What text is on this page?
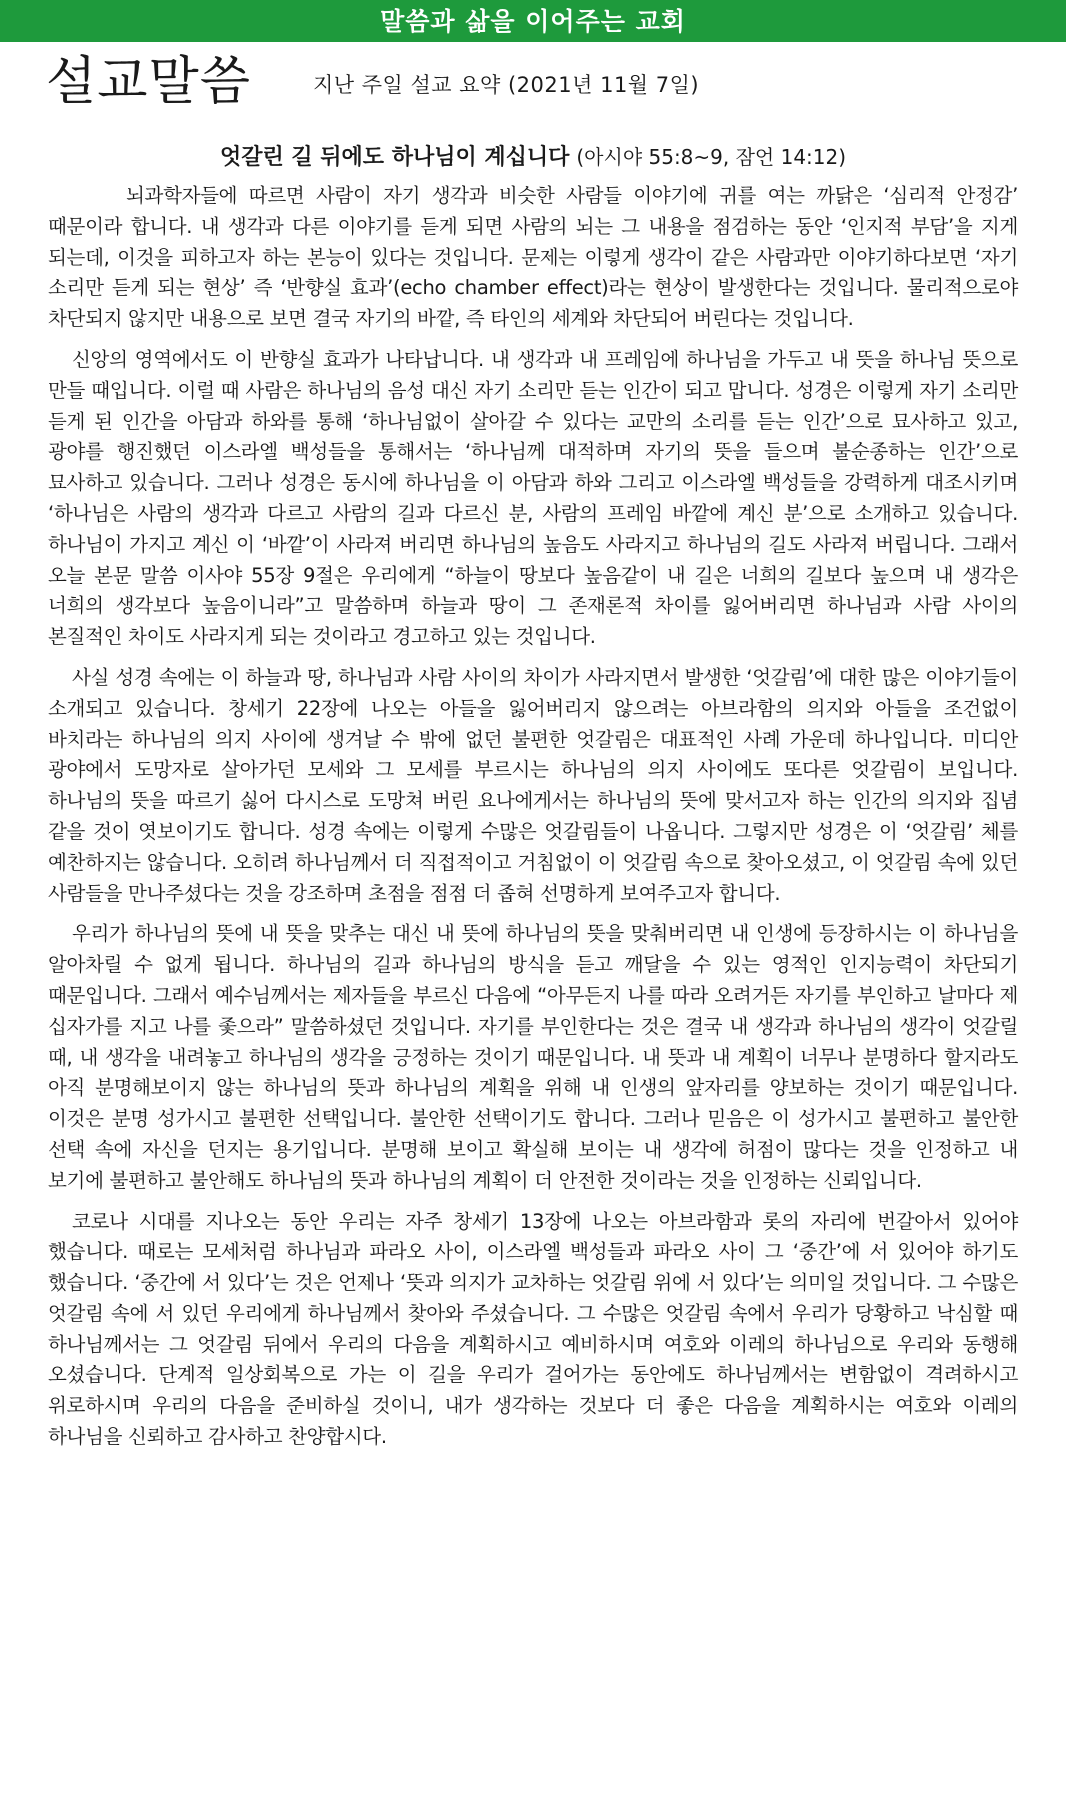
말씀과 삶을 이어주는 교회
설교말씀	지난 주일 설교 요약 (2021년 11월 7일)
엇갈린 길 뒤에도 하나님이 계십니다 (아시야 55:8~9, 잠언 14:12)

뇌과학자들에 따르면 사람이 자기 생각과 비슷한 사람들 이야기에 귀를 여는 까닭은 ‘심리적 안정감’ 때문이라 합니다. 내 생각과 다른 이야기를 듣게 되면 사람의 뇌는 그 내용을 점검하는 동안 ‘인지적 부담’을 지게 되는데, 이것을 피하고자 하는 본능이 있다는 것입니다. 문제는 이렇게 생각이 같은 사람과만 이야기하다보면 ‘자기 소리만 듣게 되는 현상’ 즉 ‘반향실 효과’(echo chamber effect)라는 현상이 발생한다는 것입니다. 물리적으로야 차단되지 않지만 내용으로 보면 결국 자기의 바깥, 즉 타인의 세계와 차단되어 버린다는 것입니다.

신앙의 영역에서도 이 반향실 효과가 나타납니다. 내 생각과 내 프레임에 하나님을 가두고 내 뜻을 하나님 뜻으로 만들 때입니다. 이럴 때 사람은 하나님의 음성 대신 자기 소리만 듣는 인간이 되고 맙니다. 성경은 이렇게 자기 소리만 듣게 된 인간을 아담과 하와를 통해 ‘하나님없이 살아갈 수 있다는 교만의 소리를 듣는 인간’으로 묘사하고 있고, 광야를 행진했던 이스라엘 백성들을 통해서는 ‘하나님께 대적하며 자기의 뜻을 들으며 불순종하는 인간’으로 묘사하고 있습니다. 그러나 성경은 동시에 하나님을 이 아담과 하와 그리고 이스라엘 백성들을 강력하게 대조시키며 ‘하나님은 사람의 생각과 다르고 사람의 길과 다르신 분, 사람의 프레임 바깥에 계신 분’으로 소개하고 있습니다. 하나님이 가지고 계신 이 ‘바깥’이 사라져 버리면 하나님의 높음도 사라지고 하나님의 길도 사라져 버립니다. 그래서 오늘 본문 말씀 이사야 55장 9절은 우리에게 “하늘이 땅보다 높음같이 내 길은 너희의 길보다 높으며 내 생각은 너희의 생각보다 높음이니라”고 말씀하며 하늘과 땅이 그 존재론적 차이를 잃어버리면 하나님과 사람 사이의 본질적인 차이도 사라지게 되는 것이라고 경고하고 있는 것입니다.

사실 성경 속에는 이 하늘과 땅, 하나님과 사람 사이의 차이가 사라지면서 발생한 ‘엇갈림’에 대한 많은 이야기들이 소개되고 있습니다. 창세기 22장에 나오는 아들을 잃어버리지 않으려는 아브라함의 의지와 아들을 조건없이 바치라는 하나님의 의지 사이에 생겨날 수 밖에 없던 불편한 엇갈림은 대표적인 사례 가운데 하나입니다. 미디안 광야에서 도망자로 살아가던 모세와 그 모세를 부르시는 하나님의 의지 사이에도 또다른 엇갈림이 보입니다. 하나님의 뜻을 따르기 싫어 다시스로 도망쳐 버린 요나에게서는 하나님의 뜻에 맞서고자 하는 인간의 의지와 집념 같을 것이 엿보이기도 합니다. 성경 속에는 이렇게 수많은 엇갈림들이 나옵니다. 그렇지만 성경은 이 ‘엇갈림’ 체를 예찬하지는 않습니다. 오히려 하나님께서 더 직접적이고 거침없이 이 엇갈림 속으로 찾아오셨고, 이 엇갈림 속에 있던 사람들을 만나주셨다는 것을 강조하며 초점을 점점 더 좁혀 선명하게 보여주고자 합니다.

우리가 하나님의 뜻에 내 뜻을 맞추는 대신 내 뜻에 하나님의 뜻을 맞춰버리면 내 인생에 등장하시는 이 하나님을 알아차릴 수 없게 됩니다. 하나님의 길과 하나님의 방식을 듣고 깨달을 수 있는 영적인 인지능력이 차단되기 때문입니다. 그래서 예수님께서는 제자들을 부르신 다음에 “아무든지 나를 따라 오려거든 자기를 부인하고 날마다 제 십자가를 지고 나를 좇으라” 말씀하셨던 것입니다. 자기를 부인한다는 것은 결국 내 생각과 하나님의 생각이 엇갈릴 때, 내 생각을 내려놓고 하나님의 생각을 긍정하는 것이기 때문입니다. 내 뜻과 내 계획이 너무나 분명하다 할지라도 아직 분명해보이지 않는 하나님의 뜻과 하나님의 계획을 위해 내 인생의 앞자리를 양보하는 것이기 때문입니다. 이것은 분명 성가시고 불편한 선택입니다. 불안한 선택이기도 합니다. 그러나 믿음은 이 성가시고 불편하고 불안한 선택 속에 자신을 던지는 용기입니다. 분명해 보이고 확실해 보이는 내 생각에 허점이 많다는 것을 인정하고 내 보기에 불편하고 불안해도 하나님의 뜻과 하나님의 계획이 더 안전한 것이라는 것을 인정하는 신뢰입니다.

코로나 시대를 지나오는 동안 우리는 자주 창세기 13장에 나오는 아브라함과 롯의 자리에 번갈아서 있어야 했습니다. 때로는 모세처럼 하나님과 파라오 사이, 이스라엘 백성들과 파라오 사이 그 ‘중간’에 서 있어야 하기도 했습니다. ‘중간에 서 있다’는 것은 언제나 ‘뜻과 의지가 교차하는 엇갈림 위에 서 있다’는 의미일 것입니다. 그 수많은 엇갈림 속에 서 있던 우리에게 하나님께서 찾아와 주셨습니다. 그 수많은 엇갈림 속에서 우리가 당황하고 낙심할 때 하나님께서는 그 엇갈림 뒤에서 우리의 다음을 계획하시고 예비하시며 여호와 이레의 하나님으로 우리와 동행해 오셨습니다. 단계적 일상회복으로 가는 이 길을 우리가 걸어가는 동안에도 하나님께서는 변함없이 격려하시고 위로하시며 우리의 다음을 준비하실 것이니, 내가 생각하는 것보다 더 좋은 다음을 계획하시는 여호와 이레의 하나님을 신뢰하고 감사하고 찬양합시다.
